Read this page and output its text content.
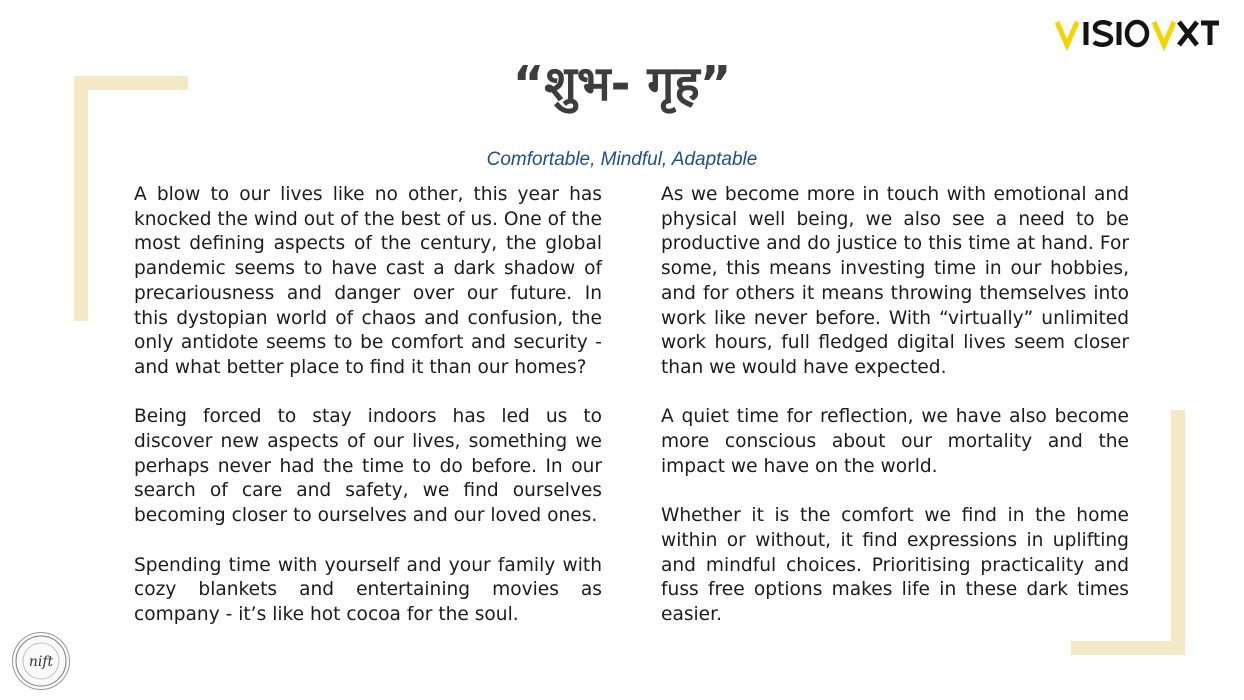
“शुभ- गृह”
Comfortable, Mindful, Adaptable

A blow to our lives like no other, this year has knocked the wind out of the best of us. One of the most defining aspects of the century, the global pandemic seems to have cast a dark shadow of precariousness and danger over our future. In this dystopian world of chaos and confusion, the only antidote seems to be comfort and security - and what better place to find it than our homes?

Being forced to stay indoors has led us to discover new aspects of our lives, something we perhaps never had the time to do before. In our search of care and safety, we find ourselves becoming closer to ourselves and our loved ones.

Spending time with yourself and your family with cozy blankets and entertaining movies as company - it’s like hot cocoa for the soul.

As we become more in touch with emotional and physical well being, we also see a need to be productive and do justice to this time at hand. For some, this means investing time in our hobbies, and for others it means throwing themselves into work like never before. With “virtually” unlimited work hours, full fledged digital lives seem closer than we would have expected.

A quiet time for reflection, we have also become more conscious about our mortality and the impact we have on the world.

Whether it is the comfort we find in the home within or without, it find expressions in uplifting and mindful choices. Prioritising practicality and fuss free options makes life in these dark times easier.

nift
